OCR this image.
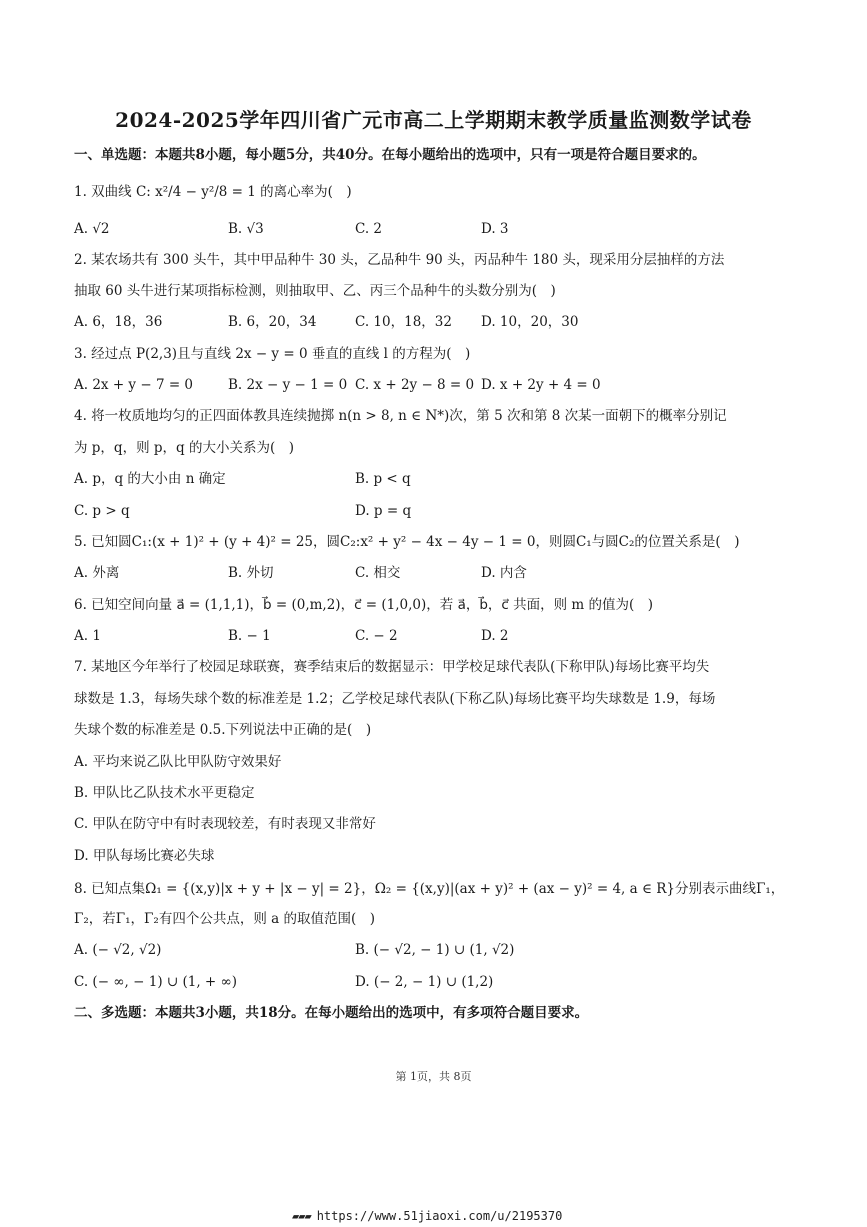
2024-2025学年四川省广元市高二上学期期末教学质量监测数学试卷
一、单选题：本题共8小题，每小题5分，共40分。在每小题给出的选项中，只有一项是符合题目要求的。
1. 双曲线 C: x²/4 − y²/8 = 1 的离心率为(　)
A. √2	B. √3	C. 2	D. 3
2. 某农场共有 300 头牛，其中甲品种牛 30 头，乙品种牛 90 头，丙品种牛 180 头，现采用分层抽样的方法
抽取 60 头牛进行某项指标检测，则抽取甲、乙、丙三个品种牛的头数分别为(　)
A. 6，18，36	B. 6，20，34	C. 10，18，32 D. 10，20，30
3. 经过点 P(2,3)且与直线 2x − y = 0 垂直的直线 l 的方程为(　)
A. 2x + y − 7 = 0	B. 2x − y − 1 = 0 C. x + 2y − 8 = 0 D. x + 2y + 4 = 0
4. 将一枚质地均匀的正四面体教具连续抛掷 n(n > 8, n ∈ N*)次，第 5 次和第 8 次某一面朝下的概率分别记
为 p，q，则 p，q 的大小关系为(　)
A. p，q 的大小由 n 确定	B. p < q
C. p > q	D. p = q
5. 已知圆C₁:(x + 1)² + (y + 4)² = 25，圆C₂:x² + y² − 4x − 4y − 1 = 0，则圆C₁与圆C₂的位置关系是(　)
A. 外离	B. 外切	C. 相交	D. 内含
6. 已知空间向量 a⃗ = (1,1,1)，b⃗ = (0,m,2)，c⃗ = (1,0,0)，若 a⃗，b⃗，c⃗ 共面，则 m 的值为(　)
A. 1	B. − 1	C. − 2	D. 2
7. 某地区今年举行了校园足球联赛，赛季结束后的数据显示：甲学校足球代表队(下称甲队)每场比赛平均失
球数是 1.3，每场失球个数的标准差是 1.2；乙学校足球代表队(下称乙队)每场比赛平均失球数是 1.9，每场
失球个数的标准差是 0.5.下列说法中正确的是(　)
A. 平均来说乙队比甲队防守效果好
B. 甲队比乙队技术水平更稳定
C. 甲队在防守中有时表现较差，有时表现又非常好
D. 甲队每场比赛必失球
8. 已知点集Ω₁ = {(x,y)|x + y + |x − y| = 2}，Ω₂ = {(x,y)|(ax + y)² + (ax − y)² = 4, a ∈ R}分别表示曲线Γ₁，
Γ₂，若Γ₁，Γ₂有四个公共点，则 a 的取值范围(　)
A. (− √2, √2)	B. (− √2, − 1) ∪ (1, √2)
C. (− ∞, − 1) ∪ (1, + ∞)	D. (− 2, − 1) ∪ (1,2)
二、多选题：本题共3小题，共18分。在每小题给出的选项中，有多项符合题目要求。
第 1页，共 8页
▰▰▰ https://www.51jiaoxi.com/u/2195370
